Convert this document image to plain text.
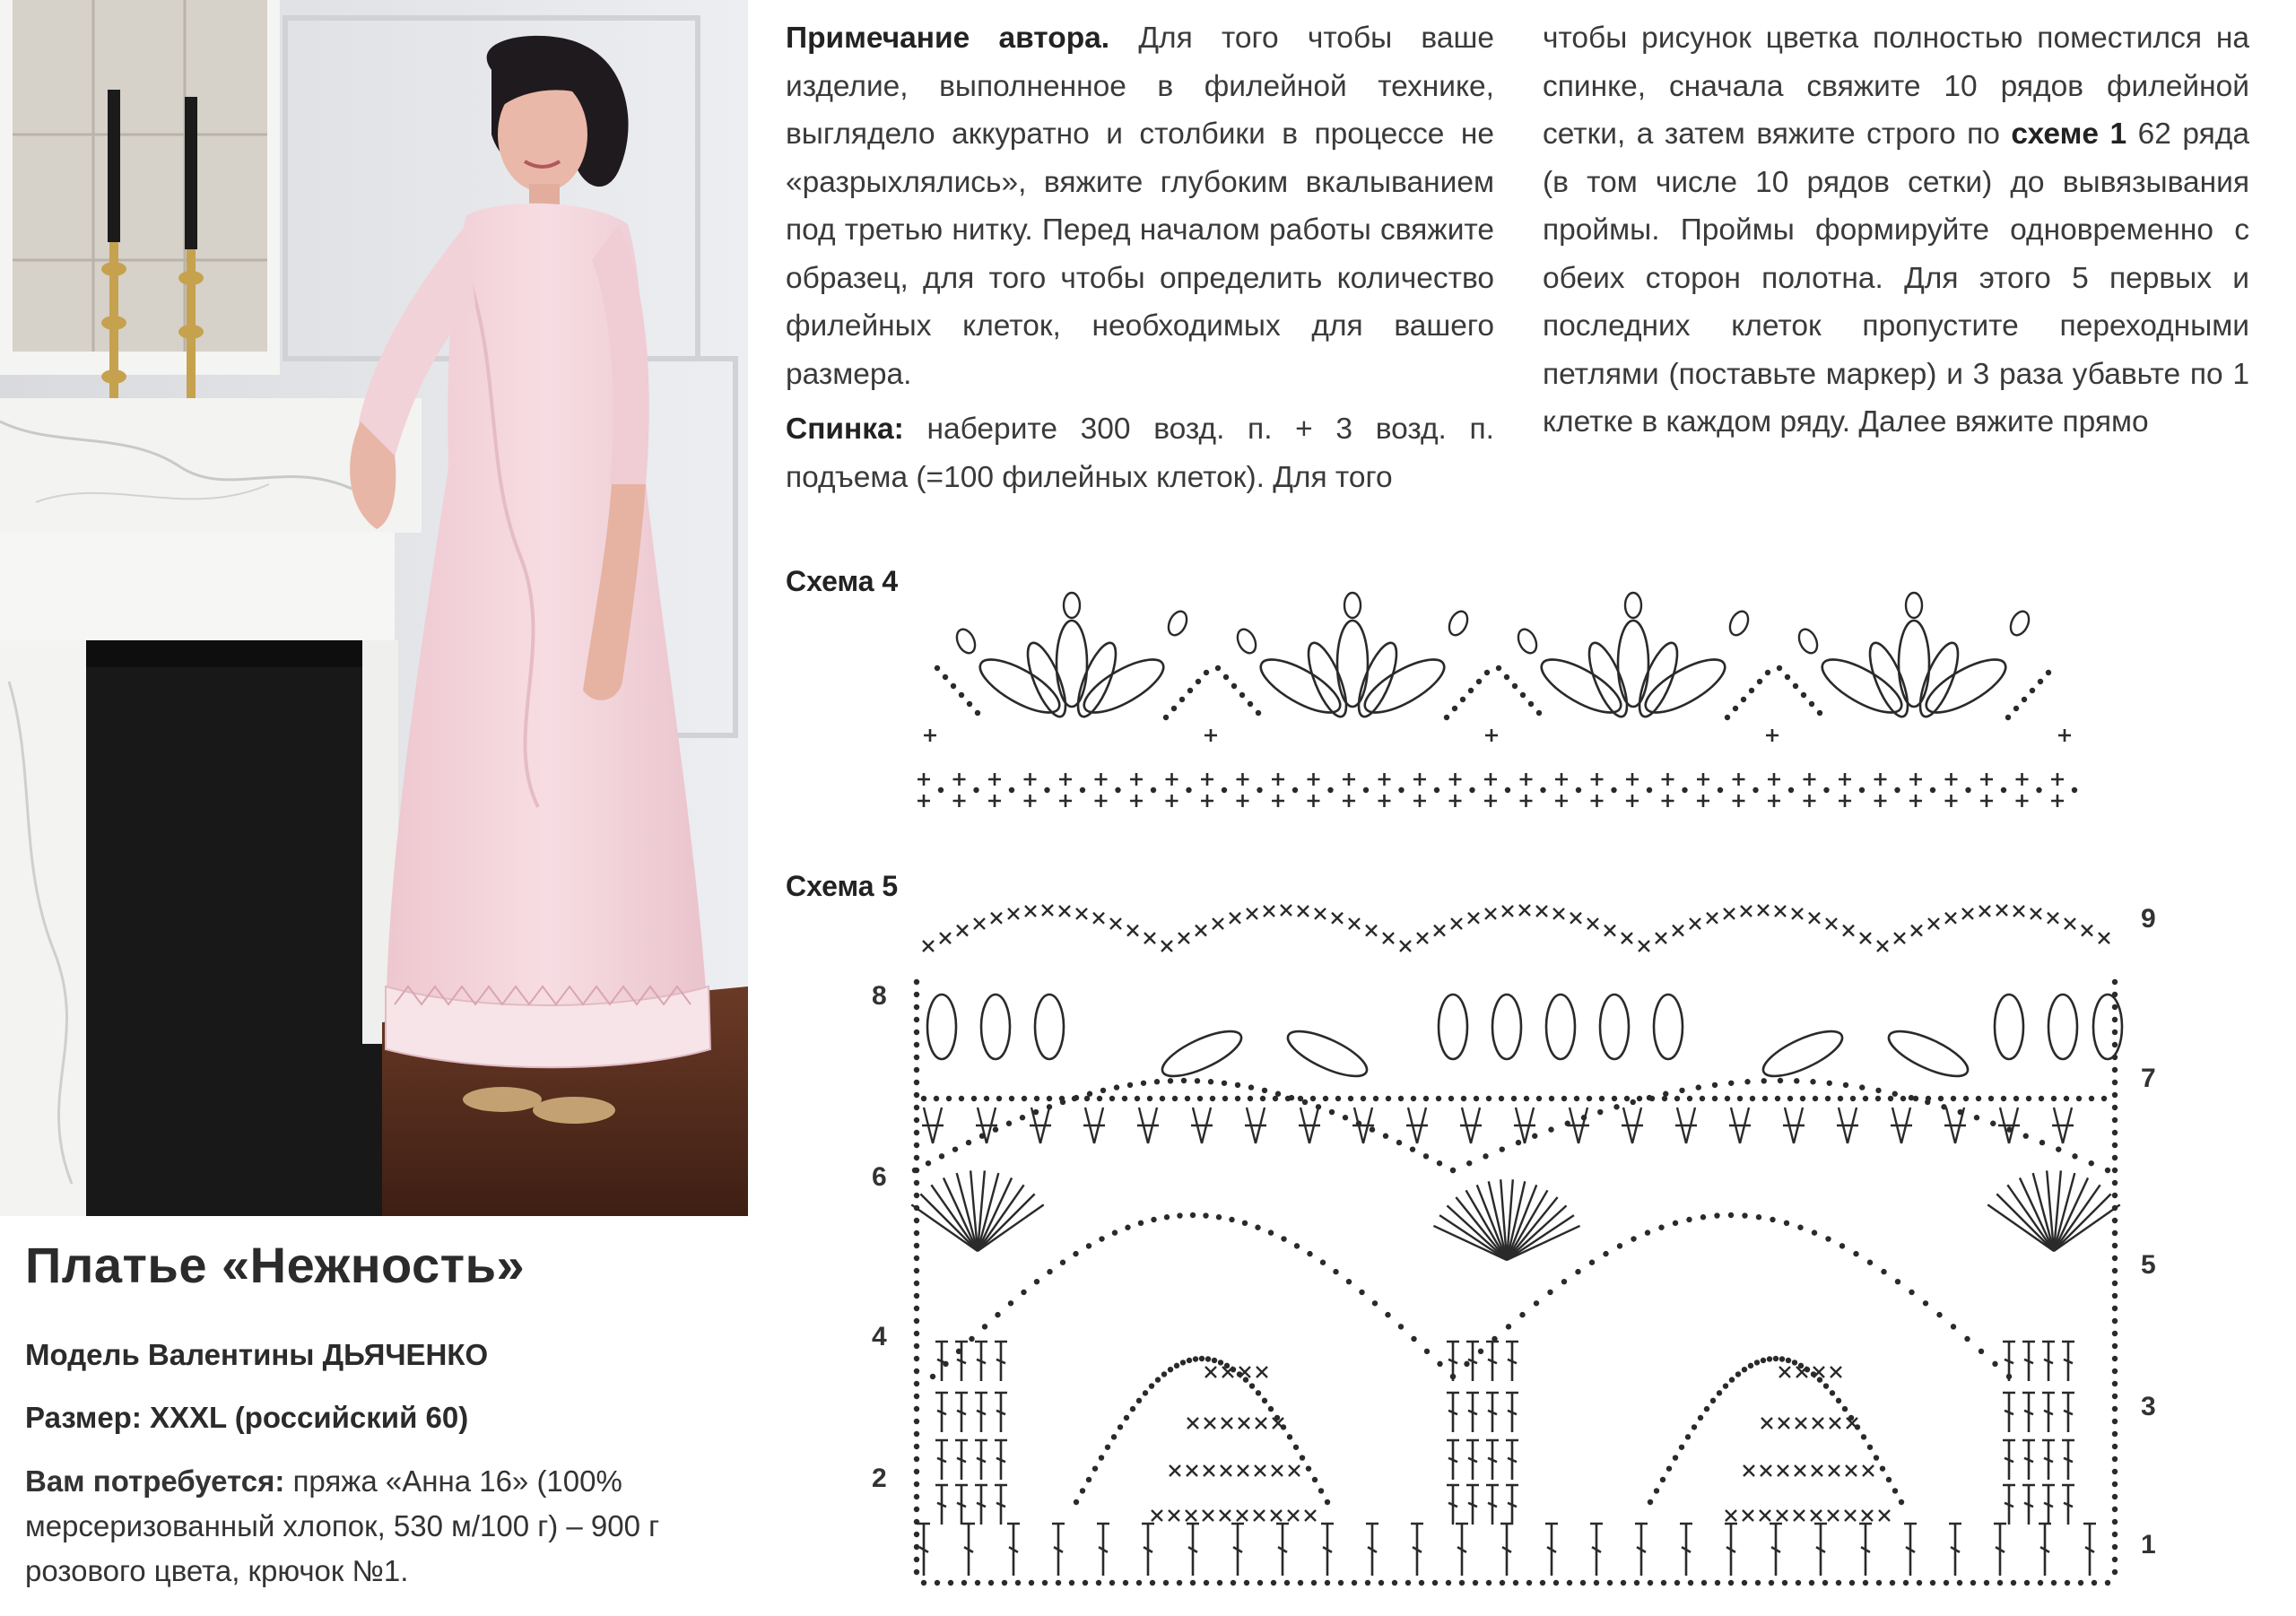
Платье «Нежность»
Модель Валентины ДЬЯЧЕНКО
Размер: XXXL (российский 60)
Вам потребуется: пряжа «Анна 16» (100% мерсеризованный хлопок, 530 м/100 г) – 900 г розового цвета, крючок №1.

Примечание автора. Для того чтобы ваше изделие, выполненное в филейной технике, выглядело аккуратно и столбики в процессе не «разрыхлялись», вяжите глубоким вкалыванием под третью нитку. Перед началом работы свяжите образец, для того чтобы определить количество филейных клеток, необходимых для вашего размера.

Спинка: наберите 300 возд. п. + 3 возд. п. подъема (=100 филейных клеток). Для того

чтобы рисунок цветка полностью поместился на спинке, сначала свяжите 10 рядов филейной сетки, а затем вяжите строго по схеме 1 62 ряда (в том числе 10 рядов сетки) до вывязывания проймы. Проймы формируйте одновременно с обеих сторон полотна. Для этого 5 первых и последних клеток пропустите переходными петлями (поставьте маркер) и 3 раза убавьте по 1 клетке в каждом ряду. Далее вяжите прямо

Схема 4
Схема 5
1
2
3
4
5
6
7
8
9
